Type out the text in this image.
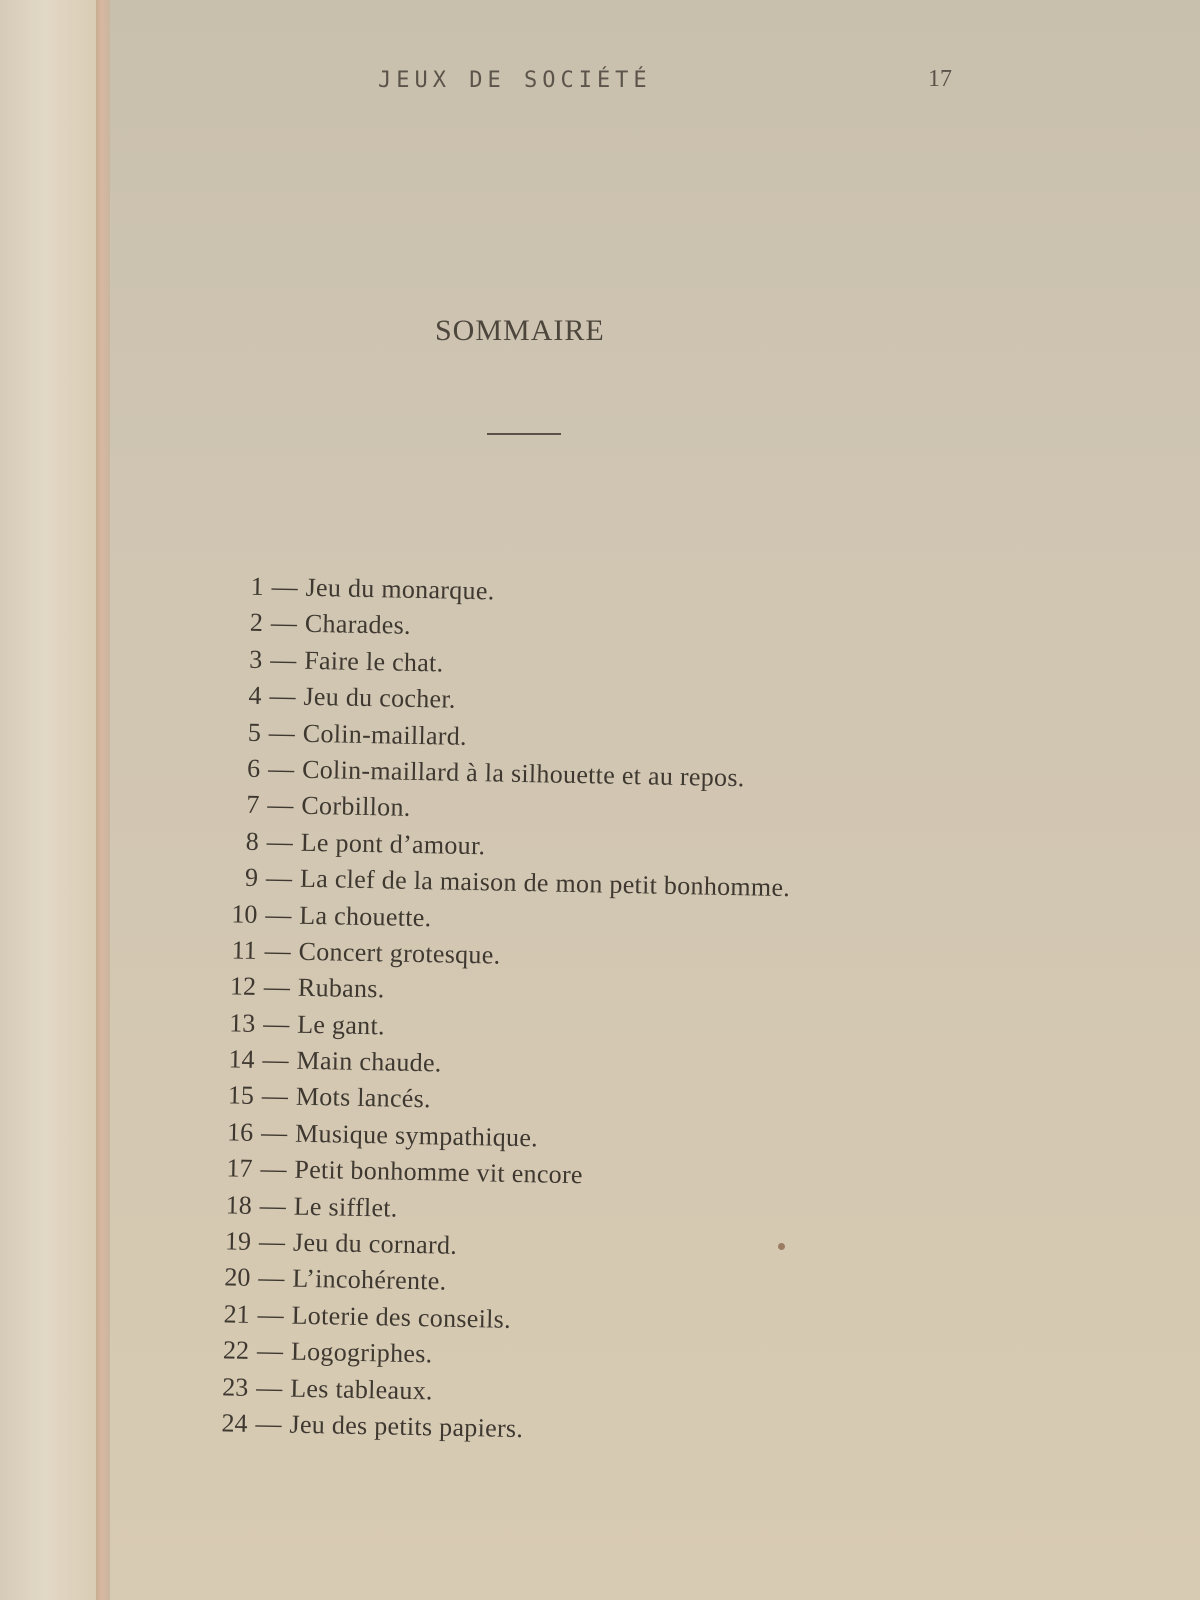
JEUX DE SOCIÉTÉ	17
SOMMAIRE
1 — Jeu du monarque.
2 — Charades.
3 — Faire le chat.
4 — Jeu du cocher.
5 — Colin-maillard.
6 — Colin-maillard à la silhouette et au repos.
7 — Corbillon.
8 — Le pont d’amour.
9 — La clef de la maison de mon petit bonhomme.
10 — La chouette.
11 — Concert grotesque.
12 — Rubans.
13 — Le gant.
14 — Main chaude.
15 — Mots lancés.
16 — Musique sympathique.
17 — Petit bonhomme vit encore
18 — Le sifflet.
19 — Jeu du cornard.
20 — L’incohérente.
21 — Loterie des conseils.
22 — Logogriphes.
23 — Les tableaux.
24 — Jeu des petits papiers.
